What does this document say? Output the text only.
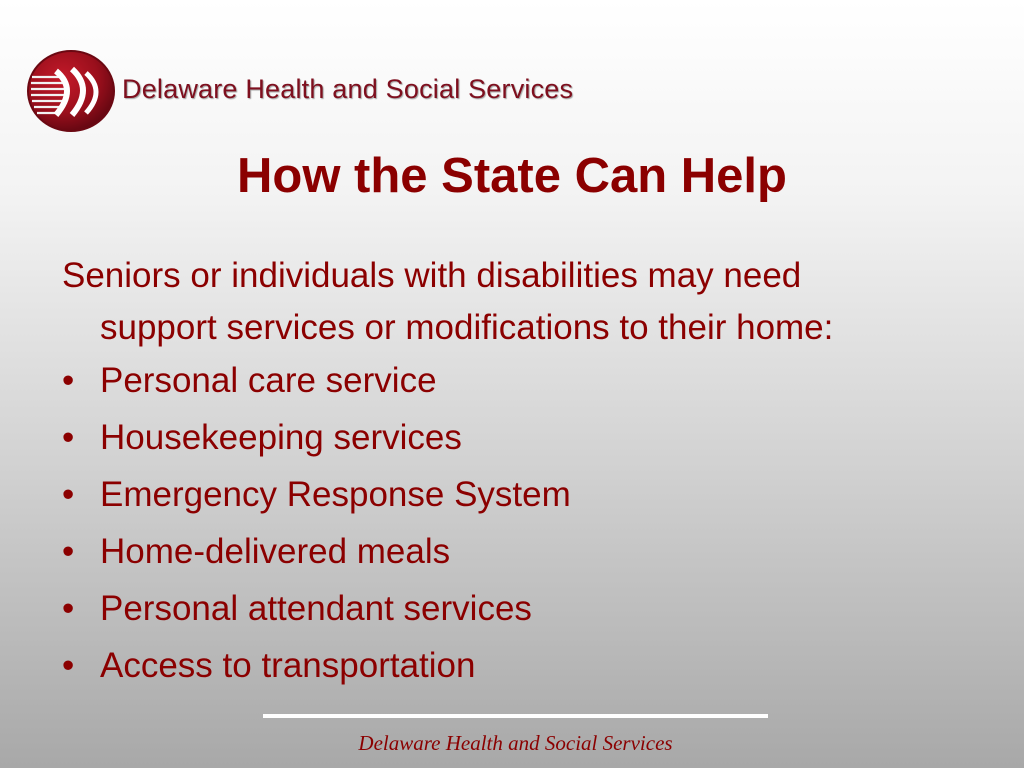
Delaware Health and Social Services
How the State Can Help
Seniors or individuals with disabilities may need
support services or modifications to their home:
• Personal care service
• Housekeeping services
• Emergency Response System
• Home-delivered meals
• Personal attendant services
• Access to transportation
Delaware Health and Social Services
